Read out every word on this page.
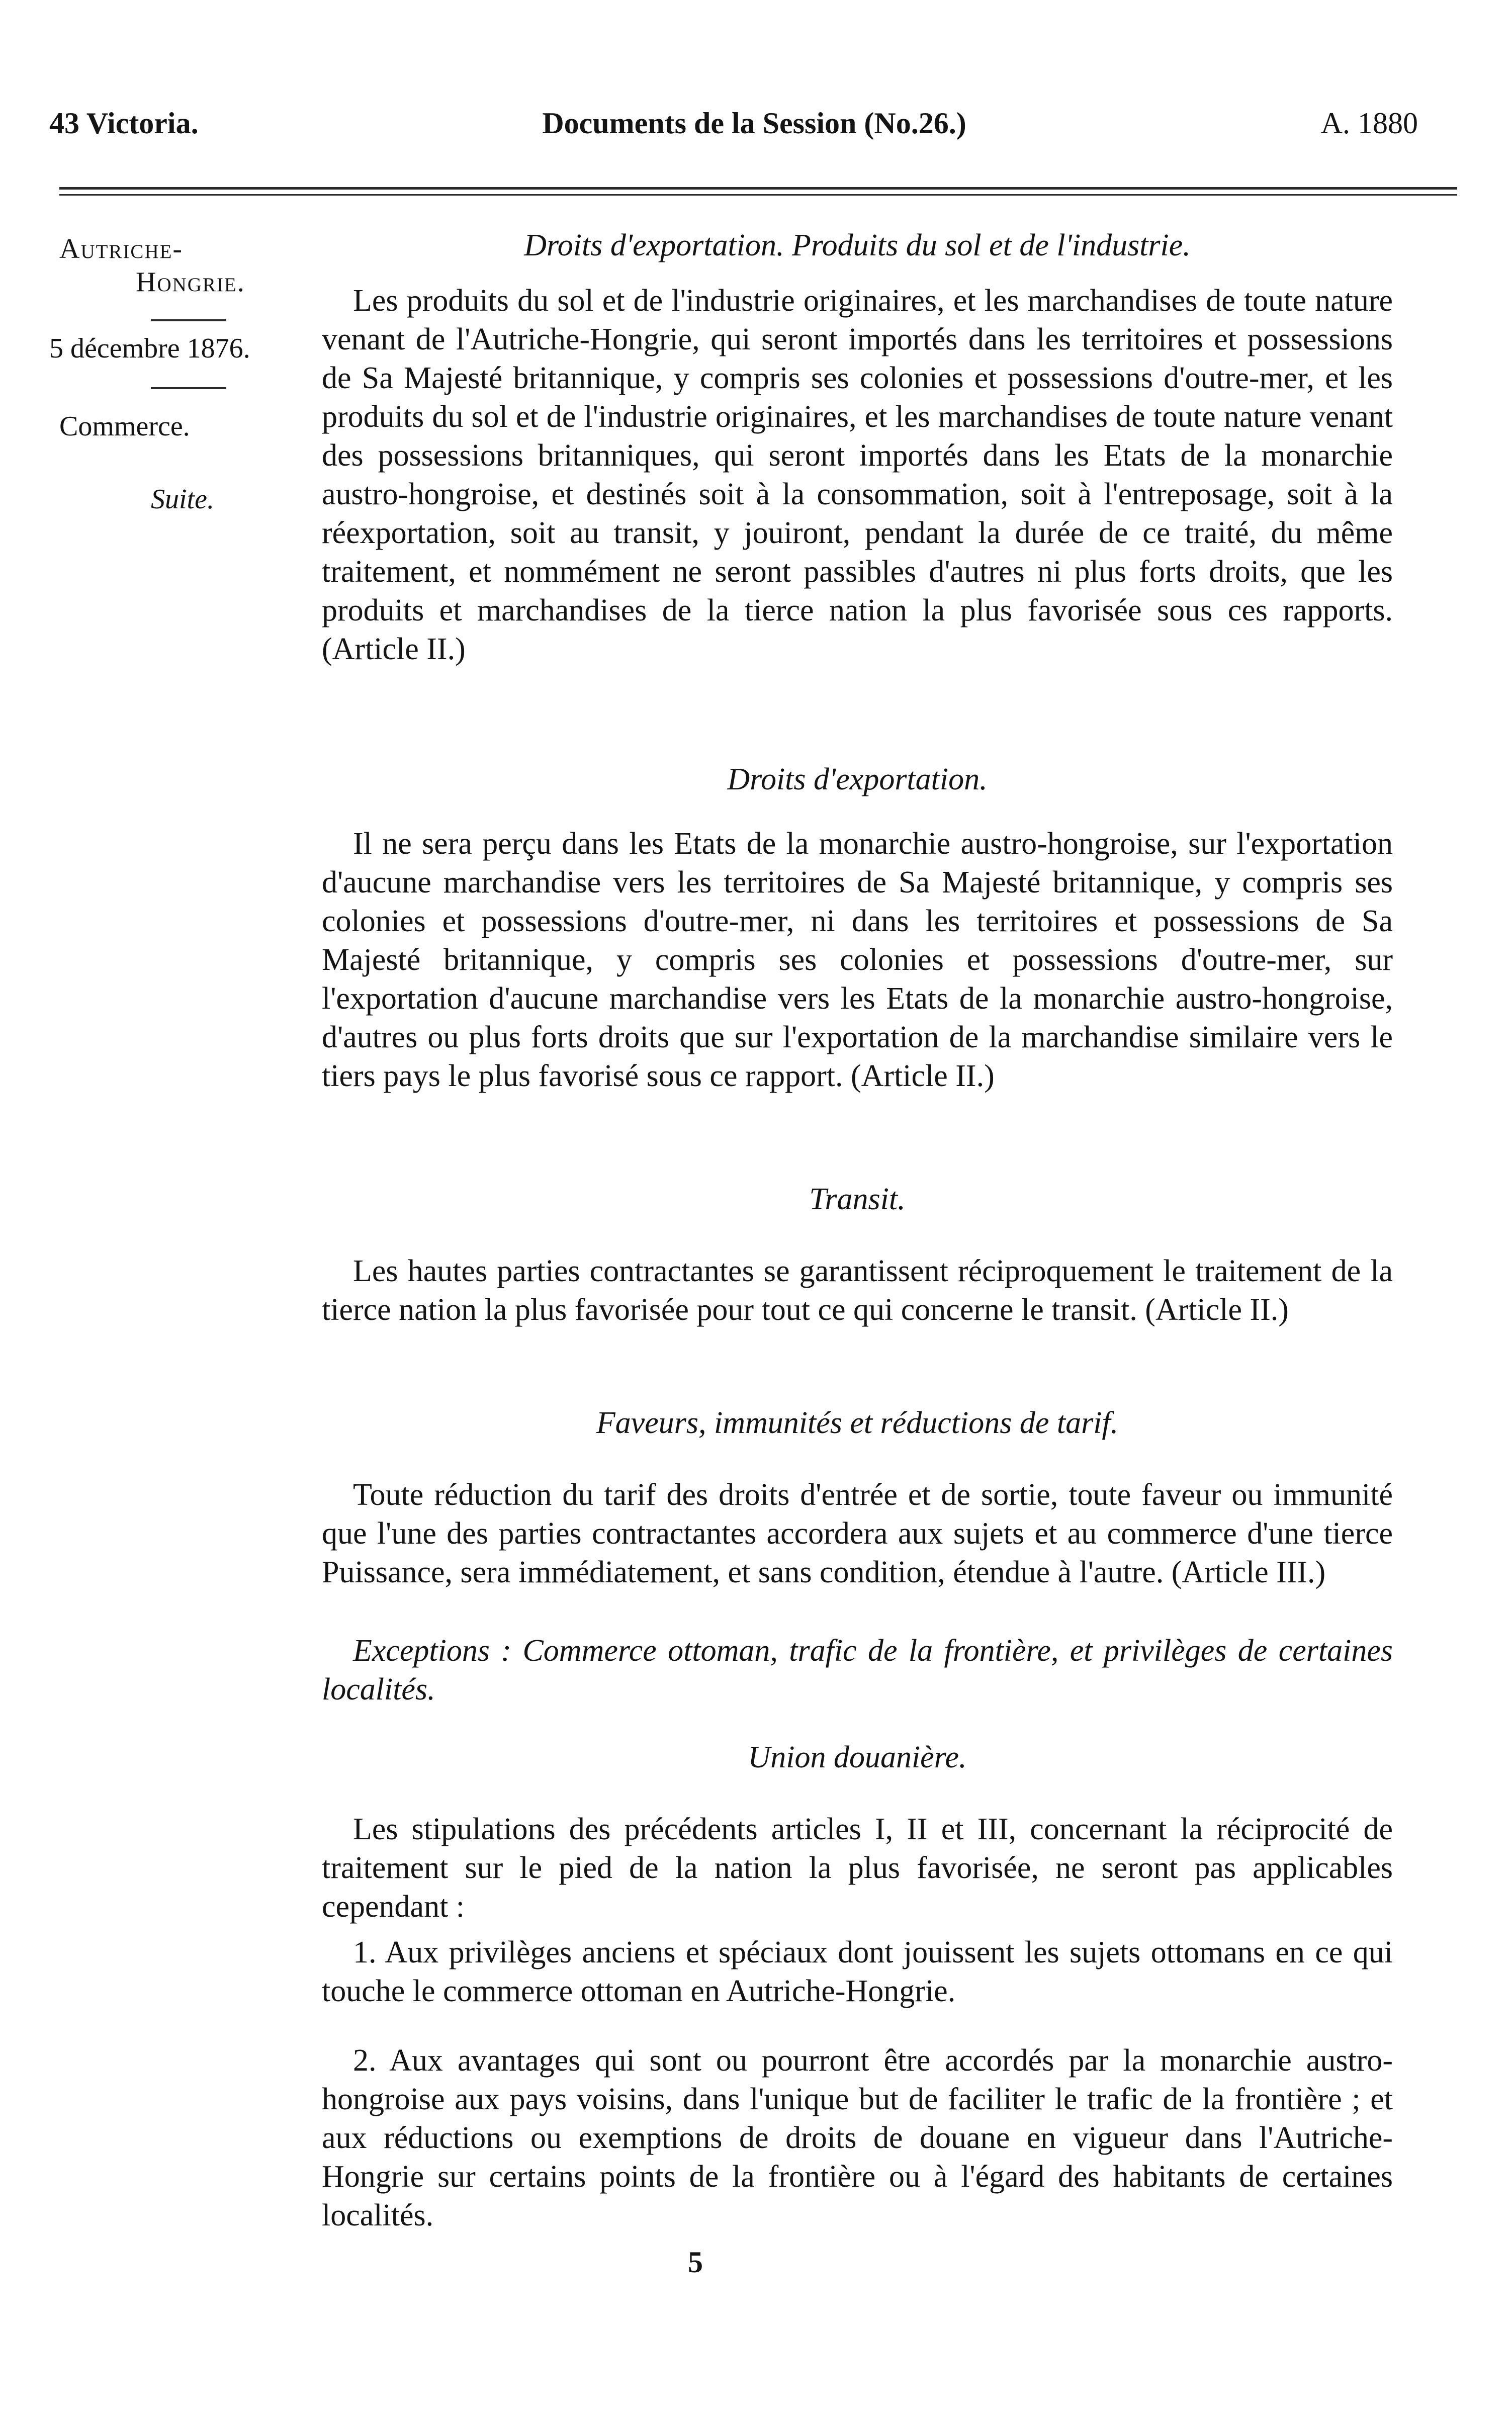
43 Victoria.	Documents de la Session (No.26.)	A. 1880
Autriche-
Hongrie.
5 décembre 1876.
Commerce.
Suite.
Droits d'exportation. Produits du sol et de l'industrie.
Les produits du sol et de l'industrie originaires, et les marchandises de toute nature venant de l'Autriche-Hongrie, qui seront importés dans les territoires et possessions de Sa Majesté britannique, y compris ses colonies et possessions d'outre-mer, et les produits du sol et de l'industrie originaires, et les marchandises de toute nature venant des possessions britanniques, qui seront importés dans les Etats de la monarchie austro-hongroise, et destinés soit à la consommation, soit à l'entreposage, soit à la réexportation, soit au transit, y jouiront, pendant la durée de ce traité, du même traitement, et nommément ne seront passibles d'autres ni plus forts droits, que les produits et marchandises de la tierce nation la plus favorisée sous ces rapports. (Article II.)
Droits d'exportation.
Il ne sera perçu dans les Etats de la monarchie austro-hongroise, sur l'exportation d'aucune marchandise vers les territoires de Sa Majesté britannique, y compris ses colonies et possessions d'outre-mer, ni dans les territoires et possessions de Sa Majesté britannique, y compris ses colonies et possessions d'outre-mer, sur l'exportation d'aucune marchandise vers les Etats de la monarchie austro-hongroise, d'autres ou plus forts droits que sur l'exportation de la marchandise similaire vers le tiers pays le plus favorisé sous ce rapport. (Article II.)
Transit.
Les hautes parties contractantes se garantissent réciproquement le traitement de la tierce nation la plus favorisée pour tout ce qui concerne le transit. (Article II.)
Faveurs, immunités et réductions de tarif.
Toute réduction du tarif des droits d'entrée et de sortie, toute faveur ou immunité que l'une des parties contractantes accordera aux sujets et au commerce d'une tierce Puissance, sera immédiatement, et sans condition, étendue à l'autre. (Article III.)
Exceptions : Commerce ottoman, trafic de la frontière, et privilèges de certaines localités.
Union douanière.
Les stipulations des précédents articles I, II et III, concernant la réciprocité de traitement sur le pied de la nation la plus favorisée, ne seront pas applicables cependant :
1. Aux privilèges anciens et spéciaux dont jouissent les sujets ottomans en ce qui touche le commerce ottoman en Autriche-Hongrie.
2. Aux avantages qui sont ou pourront être accordés par la monarchie austro-hongroise aux pays voisins, dans l'unique but de faciliter le trafic de la frontière ; et aux réductions ou exemptions de droits de douane en vigueur dans l'Autriche-Hongrie sur certains points de la frontière ou à l'égard des habitants de certaines localités.
5
